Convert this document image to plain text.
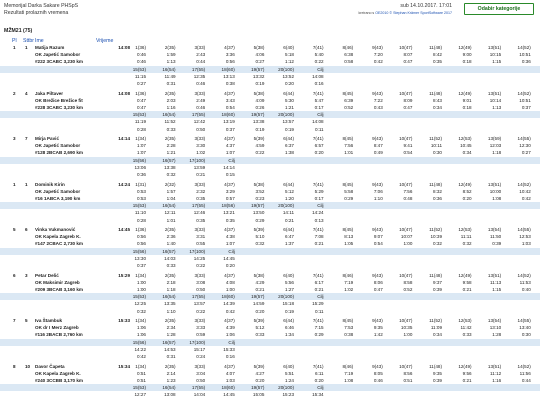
Memorijal Darka Sakare PHSpS
Rezultati prolaznih vremena
sub 14.10.2017. 17:01
kreirano s OE2010 © Stephan Krämer SportSoftware 2017
Odabir kategorije
MŽM21 (75)
Pl Sttbr Ime	Vrijeme
1 1 Matija Razum	14:08	1(36)	2(35)	3(33)	4(37)	5(38)	6(40)	7(41)	8(46)	9(43)	10(47)	11(48)	12(49)	13(51)	14(52)
OK Japetić Samobor	0:46	1:59	2:43	3:36	4:06	5:18	5:40	6:38	7:20	8:07	8:42	9:00	10:15	10:51
#222 3CABC 3,230 km	0:46	1:13	0:44	0:56	0:27	1:12	0:22	0:58	0:42	0:47	0:35	0:18	1:15	0:36
15(53)	16(54)	17(55)	18(60)	19(57)	20(100)	Cilj
11:15	11:49	12:35	13:13	13:32	13:52	14:08
0:27	0:31	0:46	0:38	0:19	0:20	0:16
2 4 Jaka Piltaver	14:08	1(36)	2(35)	3(33)	4(37)	5(38)	6(44)	7(41)	8(45)	9(43)	10(47)	11(48)	12(49)	13(51)	14(52)
OK Brežice Brežice fit	0:47	2:03	2:49	3:43	4:09	5:30	5:47	6:39	7:22	8:09	8:43	9:01	10:14	10:51
#228 3CABC 3,230 km	0:47	1:16	0:46	0:54	0:26	1:21	0:17	0:52	0:43	0:47	0:34	0:18	1:13	0:37
15(53)	16(54)	17(55)	18(60)	19(57)	20(100)	Cilj
11:19	11:52	12:42	13:19	13:38	13:57	14:08
0:28	0:33	0:50	0:37	0:19	0:19	0:11
3 7 Mirja Pavić	14:14	1(34)	2(35)	3(33)	4(37)	5(39)	6(44)	7(41)	8(45)	9(43)	10(47)	11(52)	12(53)	13(59)	14(55)
OK Japetić Samobor	1:07	2:28	3:30	4:37	4:59	6:37	6:57	7:56	8:47	9:41	10:11	10:45	12:03	12:30
#128 2BCAB 2,690 km	1:07	1:21	1:02	1:07	0:22	1:38	0:20	1:01	0:49	0:54	0:30	0:34	1:18	0:27
15(56)	16(57)	17(100)	Cilj
13:06	13:38	13:59	14:14
0:36	0:32	0:21	0:15
1 1 Dominik Kirin	14:24	1(31)	2(32)	3(33)	4(37)	5(38)	6(44)	7(41)	8(45)	9(43)	10(47)	11(48)	12(49)	13(51)	14(52)
OK Japetić Samobor	0:53	1:57	2:32	3:29	3:52	5:12	5:29	5:58	7:06	7:56	8:32	8:52	10:00	10:42
#16 1ABCA 3,190 km	0:53	1:04	0:35	0:57	0:23	1:20	0:17	0:29	1:10	0:48	0:36	0:20	1:08	0:42
15(53)	16(54)	17(55)	18(56)	19(57)	20(100)	Cilj
11:10	12:11	12:46	13:21	13:50	14:11	14:24
0:28	1:01	0:35	0:35	0:29	0:21	0:13
5 6 Vinka Vukmanović	14:45	1(36)	2(35)	3(33)	4(37)	5(39)	6(44)	7(41)	8(45)	9(43)	10(47)	11(52)	12(53)	13(54)	14(55)
OK Kapela Zagreb K.	0:56	2:36	3:31	4:38	5:10	6:47	7:08	8:13	9:07	10:07	10:39	11:11	11:50	12:53
#147 2CBAC 2,730 km	0:56	1:40	0:55	1:07	0:32	1:37	0:21	1:05	0:54	1:00	0:32	0:32	0:39	1:03
15(56)	16(57)	17(100)	Cilj
13:30	14:03	14:25	14:45
0:37	0:33	0:22	0:20
6 3 Petar Delić	15:29	1(34)	2(35)	3(33)	4(37)	5(38)	6(40)	7(41)	8(46)	9(43)	10(47)	11(48)	12(49)	13(51)	14(52)
OK Maksimir Zagreb	1:00	2:18	3:08	4:08	4:29	5:56	6:17	7:19	8:06	8:58	9:37	9:58	11:13	11:53
#209 3BCAB 3,160 km	1:00	1:18	0:50	1:00	0:21	1:27	0:21	1:02	0:47	0:52	0:39	0:21	1:15	0:40
15(53)	16(54)	17(55)	18(60)	19(57)	20(100)	Cilj
12:25	13:35	13:57	14:39	14:59	15:18	15:29
0:32	1:10	0:22	0:42	0:20	0:19	0:11
7 5 Iva Štambuk	15:33	1(34)	2(35)	3(33)	4(37)	5(39)	6(44)	7(41)	8(45)	9(43)	10(47)	11(52)	12(53)	13(54)	14(55)
OK dr I Merz Zagreb	1:06	2:34	3:33	4:39	5:12	6:46	7:15	7:53	9:35	10:35	11:09	11:42	13:10	13:40
#116 2BACB 2,760 km	1:06	1:28	0:59	1:06	0:33	1:34	0:29	0:38	1:42	1:00	0:34	0:33	1:28	0:30
15(56)	16(57)	17(100)	Cilj
14:22	14:53	15:17	15:33
0:42	0:31	0:24	0:16
8 10 Davor Čapeta	15:34	1(34)	2(35)	3(33)	4(37)	5(39)	6(40)	7(41)	8(46)	9(43)	10(47)	11(48)	12(49)	13(51)	14(52)
OK Kapela Zagreb K.	0:51	2:14	3:04	4:07	4:27	5:51	6:11	7:19	8:05	8:56	9:35	9:56	11:12	11:56
#240 3CCBB 3,170 km	0:51	1:23	0:50	1:03	0:20	1:24	0:20	1:08	0:46	0:51	0:39	0:21	1:16	0:44
15(53)	16(54)	17(55)	18(60)	19(57)	20(100)	Cilj
12:27	13:08	14:04	14:45	15:05	15:23	15:34
